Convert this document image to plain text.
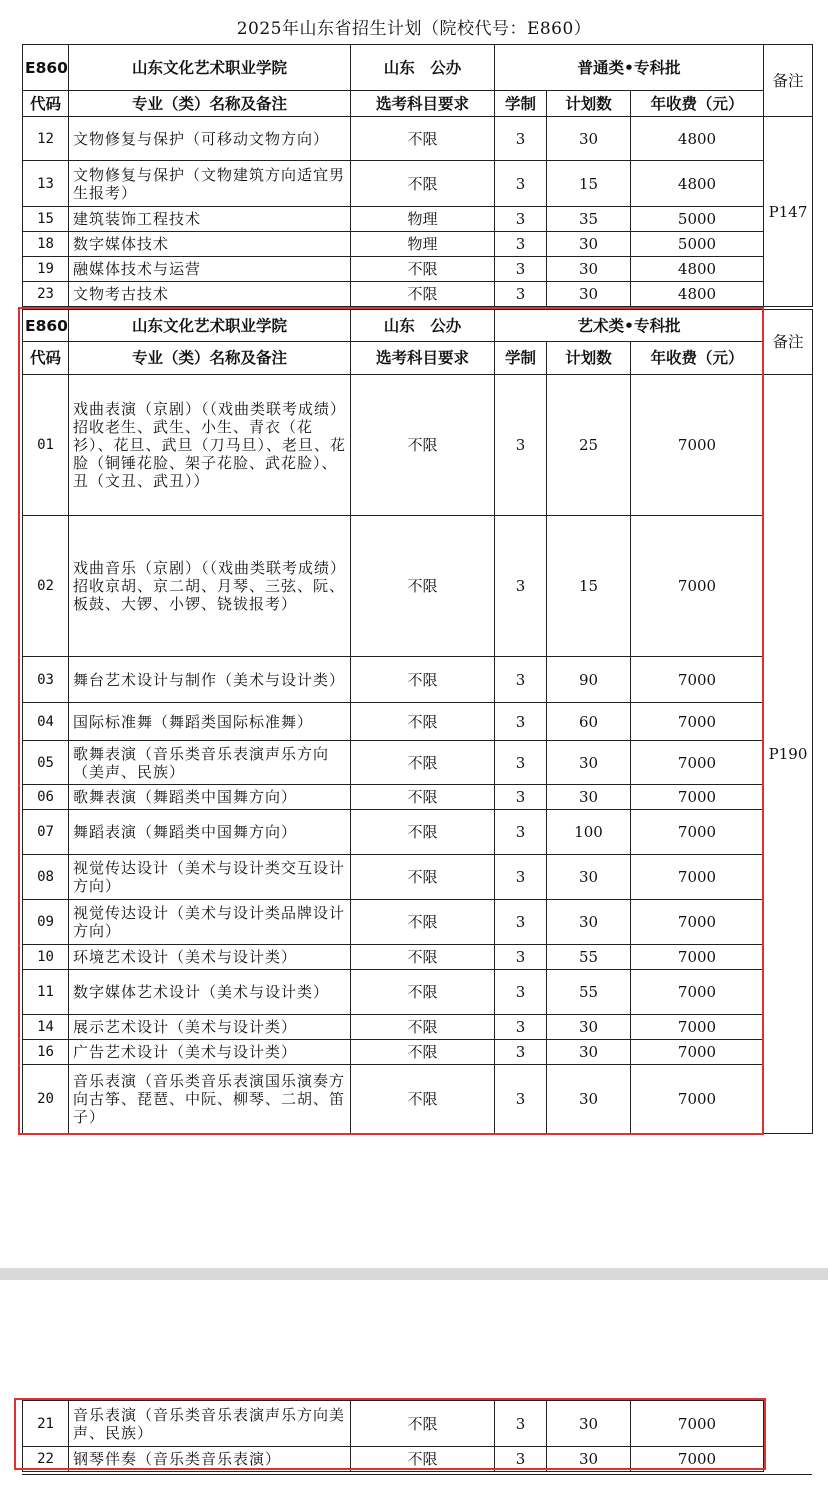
2025年山东省招生计划（院校代号：E860）
E860	山东文化艺术职业学院	山东　公办	普通类•专科批			备注
代码	专业（类）名称及备注	选考科目要求	学制	计划数	年收费（元）	
12	文物修复与保护（可移动文物方向）	不限	3	30	4800	P147
13	文物修复与保护（文物建筑方向适宜男生报考）	不限	3	15	4800	
15	建筑装饰工程技术	物理	3	35	5000	
18	数字媒体技术	物理	3	30	5000	
19	融媒体技术与运营	不限	3	30	4800	
23	文物考古技术	不限	3	30	4800	
E860	山东文化艺术职业学院	山东　公办	艺术类•专科批			备注
代码	专业（类）名称及备注	选考科目要求	学制	计划数	年收费（元）	
01	戏曲表演（京剧）（（戏曲类联考成绩）招收老生、武生、小生、青衣（花衫）、花旦、武旦（刀马旦）、老旦、花脸（铜锤花脸、架子花脸、武花脸）、丑（文丑、武丑））	不限	3	25	7000	P190
02	戏曲音乐（京剧）（（戏曲类联考成绩）招收京胡、京二胡、月琴、三弦、阮、板鼓、大锣、小锣、铙钹报考）	不限	3	15	7000	
03	舞台艺术设计与制作（美术与设计类）	不限	3	90	7000	
04	国际标准舞（舞蹈类国际标准舞）	不限	3	60	7000	
05	歌舞表演（音乐类音乐表演声乐方向（美声、民族）	不限	3	30	7000	
06	歌舞表演（舞蹈类中国舞方向）	不限	3	30	7000	
07	舞蹈表演（舞蹈类中国舞方向）	不限	3	100	7000	
08	视觉传达设计（美术与设计类交互设计方向）	不限	3	30	7000	
09	视觉传达设计（美术与设计类品牌设计方向）	不限	3	30	7000	
10	环境艺术设计（美术与设计类）	不限	3	55	7000	
11	数字媒体艺术设计（美术与设计类）	不限	3	55	7000	
14	展示艺术设计（美术与设计类）	不限	3	30	7000	
16	广告艺术设计（美术与设计类）	不限	3	30	7000	
20	音乐表演（音乐类音乐表演国乐演奏方向古筝、琵琶、中阮、柳琴、二胡、笛子）	不限	3	30	7000	
21	音乐表演（音乐类音乐表演声乐方向美声、民族）	不限	3	30	7000	
22	钢琴伴奏（音乐类音乐表演）	不限	3	30	7000	
